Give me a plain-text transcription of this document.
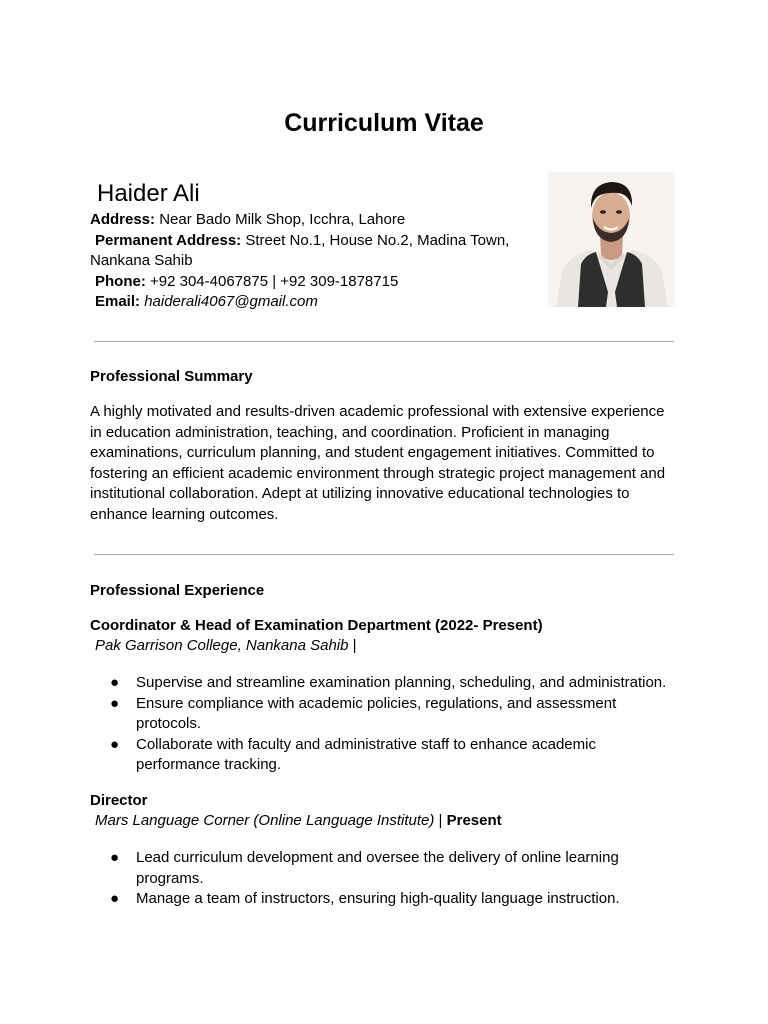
Curriculum Vitae
Haider Ali
Address: Near Bado Milk Shop, Icchra, Lahore
Permanent Address: Street No.1, House No.2, Madina Town,
Nankana Sahib
Phone: +92 304-4067875 | +92 309-1878715
Email: haiderali4067@gmail.com
Professional Summary

A highly motivated and results-driven academic professional with extensive experience in education administration, teaching, and coordination. Proficient in managing examinations, curriculum planning, and student engagement initiatives. Committed to fostering an efficient academic environment through strategic project management and institutional collaboration. Adept at utilizing innovative educational technologies to enhance learning outcomes.

Professional Experience
Coordinator & Head of Examination Department (2022- Present)

Pak Garrison College, Nankana Sahib |

● Supervise and streamline examination planning, scheduling, and administration.
● Ensure compliance with academic policies, regulations, and assessment protocols.
● Collaborate with faculty and administrative staff to enhance academic performance tracking.
Director

Mars Language Corner (Online Language Institute) | Present

● Lead curriculum development and oversee the delivery of online learning programs.
● Manage a team of instructors, ensuring high-quality language instruction.
